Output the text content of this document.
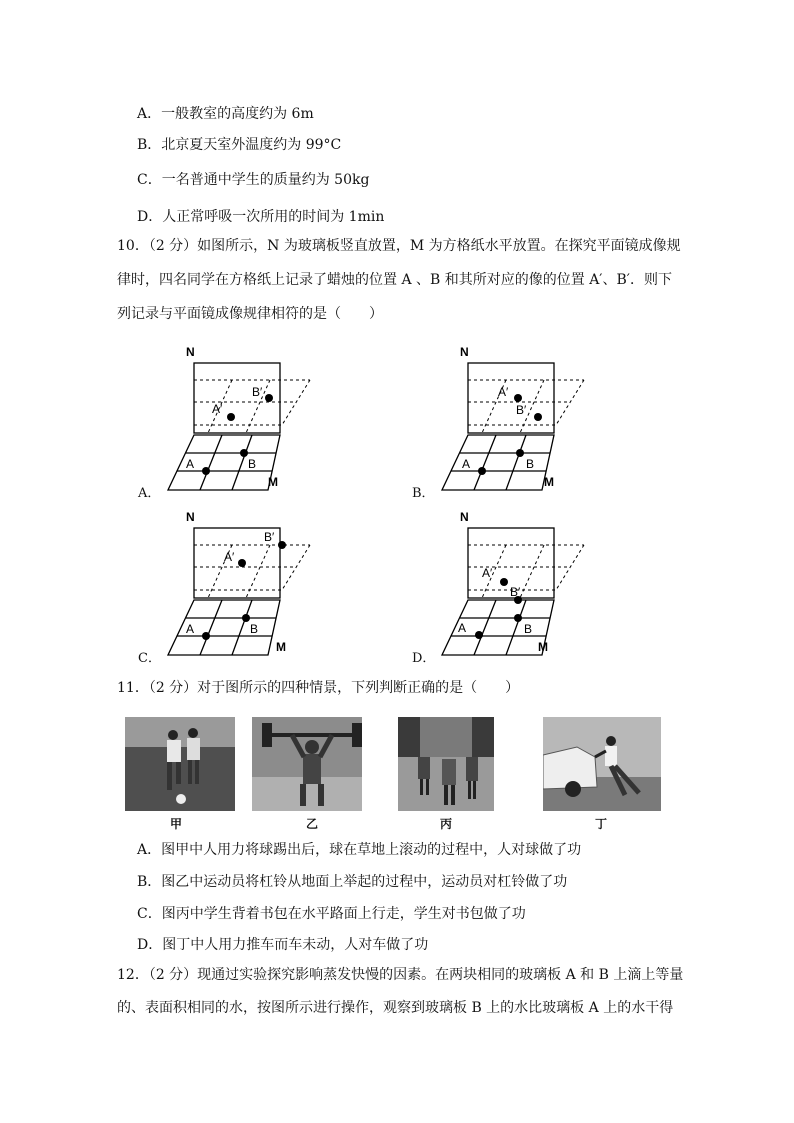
A．一般教室的高度约为 6m
B．北京夏天室外温度约为 99°C
C．一名普通中学生的质量约为 50kg
D．人正常呼吸一次所用的时间为 1min
10．（2 分）如图所示，N 为玻璃板竖直放置，M 为方格纸水平放置。在探究平面镜成像规
律时，四名同学在方格纸上记录了蜡烛的位置 A 、B 和其所对应的像的位置 A′、B′．则下
列记录与平面镜成像规律相符的是（　　）
A．	B．
C．	D．
N
M
A	B
A′
B′
N
M
A	B
A′
B′
N
M
A	B
A′
B′
N
M
A	B
A′
B′
11．（2 分）对于图所示的四种情景，下列判断正确的是（　　）
甲	乙	丙	丁
A．图甲中人用力将球踢出后，球在草地上滚动的过程中，人对球做了功
B．图乙中运动员将杠铃从地面上举起的过程中，运动员对杠铃做了功
C．图丙中学生背着书包在水平路面上行走，学生对书包做了功
D．图丁中人用力推车而车未动，人对车做了功
12．（2 分）现通过实验探究影响蒸发快慢的因素。在两块相同的玻璃板 A 和 B 上滴上等量
的、表面积相同的水，按图所示进行操作，观察到玻璃板 B 上的水比玻璃板 A 上的水干得
